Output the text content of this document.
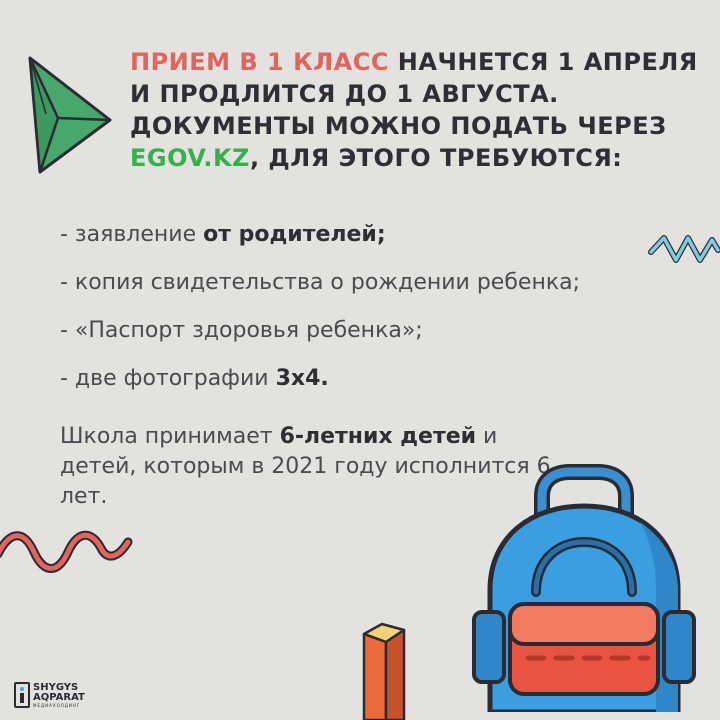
ПРИЕМ В 1 КЛАСС НАЧНЕТСЯ 1 АПРЕЛЯ И ПРОДЛИТСЯ ДО 1 АВГУСТА. ДОКУМЕНТЫ МОЖНО ПОДАТЬ ЧЕРЕЗ EGOV.KZ, ДЛЯ ЭТОГО ТРЕБУЮТСЯ:
- заявление от родителей;
- копия свидетельства о рождении ребенка;
- «Паспорт здоровья ребенка»;
- две фотографии 3х4.
Школа принимает 6-летних детей и детей, которым в 2021 году исполнится 6 лет.
SHYGYS
AQPARAT
МЕДИАХОЛДИНГ
